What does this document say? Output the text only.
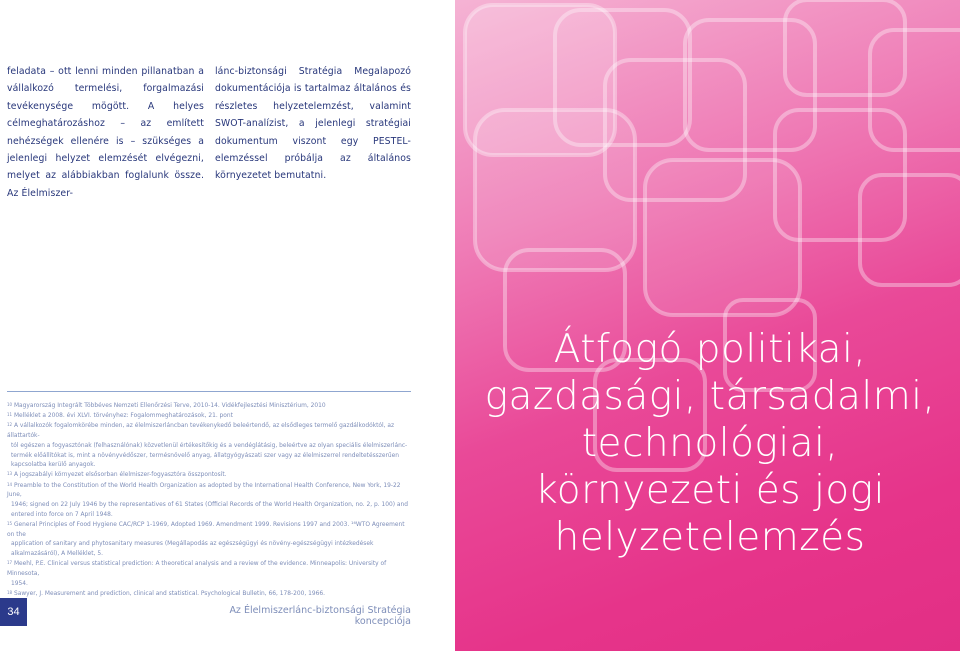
feladata – ott lenni minden pillanatban a vállalkozó termelési, forgalmazási tevékenysége mögött. A helyes célmeghatározáshoz – az említett nehézségek ellenére is – szükséges a jelenlegi helyzet elemzését elvégezni, melyet az alábbiakban foglalunk össze. Az Élelmiszer-

lánc-biztonsági Stratégia Megalapozó dokumentációja is tartalmaz általános és részletes helyzetelemzést, valamint SWOT-analízist, a jelenlegi stratégiai dokumentum viszont egy PESTEL-elemzéssel próbálja az általános környezetet bemutatni.

$^{10}$ Magyarország Integrált Többéves Nemzeti Ellenőrzési Terve, 2010-14. Vidékfejlesztési Minisztérium, 2010
$^{11}$ Melléklet a 2008. évi XLVI. törvényhez: Fogalommeghatározások, 21. pont
$^{12}$ A vállalkozók fogalomkörébe minden, az élelmiszerláncban tevékenykedő beleértendő, az elsődleges termelő gazdálkodóktól, az állattartók-
tól egészen a fogyasztónak (felhasználónak) közvetlenül értékesítőkig és a vendéglátásig, beleértve az olyan speciális élelmiszerlánc-termék előállítókat is, mint a növényvédőszer, termésnövelő anyag, állatgyógyászati szer vagy az élelmiszerrel rendeltetésszerűen kapcsolatba kerülő anyagok.
$^{13}$ A jogszabályi környezet elsősorban élelmiszer-fogyasztóra összpontosít.
$^{14}$ Preamble to the Constitution of the World Health Organization as adopted by the International Health Conference, New York, 19-22 June,
1946; signed on 22 July 1946 by the representatives of 61 States (Official Records of the World Health Organization, no. 2, p. 100) and entered into force on 7 April 1948.
$^{15}$ General Principles of Food Hygiene CAC/RCP 1-1969, Adopted 1969. Amendment 1999. Revisions 1997 and 2003. ¹⁶WTO Agreement on the
application of sanitary and phytosanitary measures (Megállapodás az egészségügyi és növény-egészségügyi intézkedések alkalmazásáról), A Melléklet, 5.
$^{17}$ Meehl, P.E. Clinical versus statistical prediction: A theoretical analysis and a review of the evidence. Minneapolis: University of Minnesota,
1954.
$^{18}$ Sawyer, J. Measurement and prediction, clinical and statistical. Psychological Bulletin, 66, 178-200, 1966.
34	Az Élelmiszerlánc-biztonsági Stratégia koncepciója
Átfogó politikai,
gazdasági, társadalmi,
technológiai,
környezeti és jogi
helyzetelemzés
